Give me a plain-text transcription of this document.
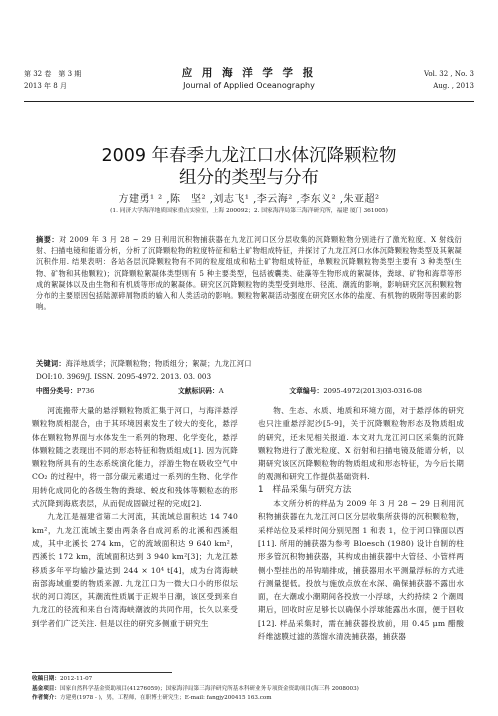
第 32 卷　第 3 期
2013 年 8 月
应 用 海 洋 学 学 报
Journal of Applied Oceanography
Vol. 32 , No. 3
Aug. , 2013
2009 年春季九龙江口水体沉降颗粒物
组分的类型与分布
方建勇¹ ² ,陈　坚² ,刘志飞¹ ,李云海² ,李东义² ,朱亚超²
(1. 同济大学海洋地质国家重点实验室，上海 200092；2. 国家海洋局第三海洋研究所，福建 厦门 361005)
摘要：对 2009 年 3 月 28 ~ 29 日利用沉积物捕获器在九龙江河口区分层收集的沉降颗粒物分别进行了激光粒度、X 射线衍射、扫描电镜和能谱分析，分析了沉降颗粒物的粒度特征和粘土矿物组成特征，并探讨了九龙江河口水体沉降颗粒物类型及其絮凝沉积作用. 结果表明：各站各层沉降颗粒物有不同的粒度组成和粘土矿物组成特征，单颗粒沉降颗粒物类型主要有 3 种类型(生物、矿物和其他颗粒)；沉降颗粒絮凝体类型则有 5 种主要类型，包括被囊类、硅藻等生物形成的絮凝体，粪球、矿物和海草等形成的絮凝体以及由生物和有机质等形成的絮凝体。研究区沉降颗粒物的类型受到地形、径流、潮流的影响，影响研究区沉积颗粒物分布的主要原因包括陆源碎屑物质的输入和人类活动的影响。颗粒物絮凝活动强度在研究区水体的盐度、有机物的吸附等因素的影响。
关键词：海洋地质学；沉降颗粒物；物质组分；絮凝；九龙江河口
DOI:10. 3969/J. ISSN. 2095-4972. 2013. 03. 003
中图分类号：P736	文献标识码：A	文章编号：2095-4972(2013)03-0316-08

河流搬带大量的悬浮颗粒物质汇集于河口，与海洋悬浮颗粒物质相混合，由于其环境因素发生了较大的变化，悬浮体在颗粒物界面与水体发生一系列的物理、化学变化，悬浮体颗粒随之表现出不同的形态特征和物质组成[1]. 因为沉降颗粒物所具有的生态系统演化能力，浮游生物在吸收空气中 CO₂ 的过程中，将一部分碳元素通过一系列的生物、化学作用转化成同化的各级生物的粪球、蜕皮和残体等颗粒态的形式沉降到海底表层，从而促成固碳过程的完成[2].

九龙江是福建省第二大河流，其流域总面积达 14 740 km²，九龙江流域主要由两条各自成河系的北溪和西溪组成，其中北溪长 274 km，它的流域面积达 9 640 km²，西溪长 172 km，流域面积达到 3 940 km²[3]；九龙江悬移质多年平均输沙量达到 244 × 10⁴ t[4]，成为台湾海峡南部海域重要的物质来源. 九龙江口为一微大口小的形似坛状的河口湾区，其潮流性质属于正规半日潮，该区受到来自九龙江的径流和来自台湾海峡潮波的共同作用，长久以来受到学者们广泛关注. 但是以往的研究多侧重于研究生

物、生态、水质、地质和环境方面，对于悬浮体的研究也只注重悬浮泥沙[5-9]，关于沉降颗粒物形态及物质组成的研究，还未见相关报道. 本文对九龙江河口区采集的沉降颗粒物进行了激光粒度、X 衍射和扫描电镜及能谱分析，以期研究该区沉降颗粒物的物质组成和形态特征，为今后长期的观测和研究工作提供基础资料.

1　样品采集与研究方法

本文所分析的样品为 2009 年 3 月 28 ~ 29 日利用沉积物捕获器在九龙江河口区分层收集所获得的沉积颗粒物，采样站位及采样时间分别见图 1 和表 1，位于河口锋面以西[11]. 所用的捕获器为参考 Bloesch (1980) 设计自制的柱形多管沉积物捕获器，其构成由捕获器中大管径、小管样两侧小型挂出的吊钩端排成，捕获器用水平测量浮标的方式进行测量提低。投放与施放点放在水深、确保捕获器不露出水面，在大潮或小潮期间各投放一小浮球，大约持续 2 个潮周期后，回收时应足够长以确保小浮球能露出水面，便于回收[12]. 样品采集时，需在捕获器投放前，用 0.45 μm 醋酸纤维滤膜过滤的蒸馏水清洗捕获器，捕获器

收稿日期：2012-11-07
基金项目：国家自然科学基金资助项目(41276059)；国家海洋局第三海洋研究所基本科研业务专项资金资助项目(海三科 2008003)
作者简介：方建勇(1978 - )，男，工程师，在职博士研究生；E-mail: fangjy200415 163.com
